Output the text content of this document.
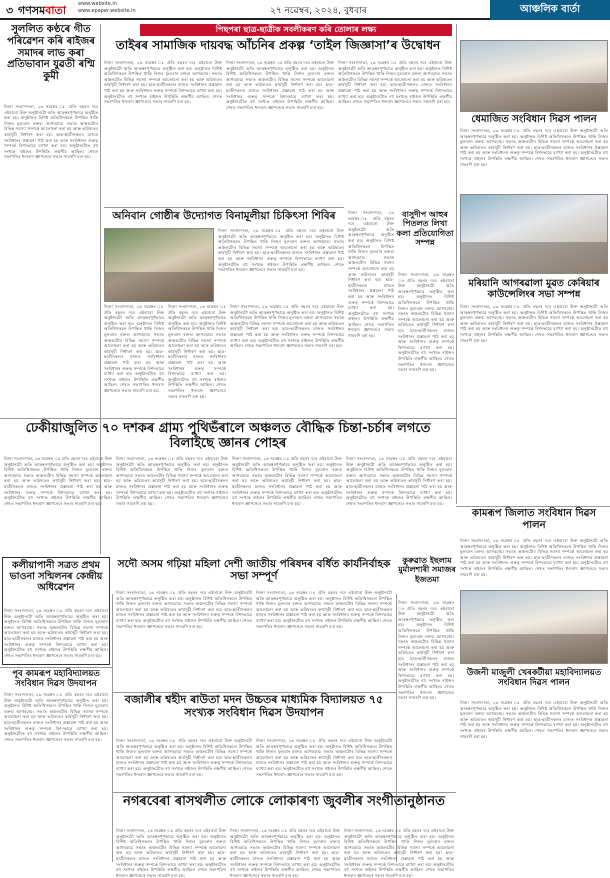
৩ গণসমবাতা www.website.in
www.epaper.website.in	২৭ নৱেম্বৰ, ২০২৪, বুধবাৰ	আঞ্চলিক বাৰ্তা
সুললিত কণ্ঠৰে গীত পৰিৱেশন কৰি ৰাইজৰ সমাদৰ লাভ কৰা প্ৰতিভাবান যুৱতী ৰশ্মি কুমী
নিজা সংবাদদাতা, ২৬ নৱেম্বৰ ঃ প্ৰতি বছৰৰ দৰে এইবাৰো উক্ত অনুষ্ঠানটো অতি আড়ম্বৰপূৰ্ণভাৱে অনুষ্ঠিত কৰা হয়। অনুষ্ঠানত বিশিষ্ট অতিথিসকলে উপস্থিত থাকি নিজৰ মূল্যবান বক্তব্য আগবঢ়ায়। সভাত অঞ্চলটোৰ বিভিন্ন সমস্যা সম্পৰ্কে আলোচনা কৰা হয় আৰু ভৱিষ্যতৰ কাৰ্যসূচী নিৰ্ধাৰণ কৰা হয়। ছাত্ৰ-ছাত্ৰীসকলৰ মাজত সংবিধানৰ প্ৰস্তাৱনা পাঠ কৰা হয় আৰু সংবিধানৰ গুৰুত্ব সম্পৰ্কে বিশদভাৱে ব্যাখ্যা কৰা হয়। অনুষ্ঠানটোত বহু সংখ্যক ৰাইজৰ উপস্থিতি লক্ষণীয় আছিল। শেষত সভাপতিৰ ধন্যবাদ জ্ঞাপনেৰে সভাৰ সামৰণি মৰা হয়।
পিছপৰা ছাত্ৰ-ছাত্ৰীক সবলীকৰণ কৰি তোলাৰ লক্ষ্য
তাইৰৰ সামাজিক দায়বদ্ধ আঁচনিৰ প্ৰকল্প ‘তাইল জিজ্ঞাসা’ৰ উদ্বোধন
নিজা সংবাদদাতা, ২৬ নৱেম্বৰ ঃ প্ৰতি বছৰৰ দৰে এইবাৰো উক্ত অনুষ্ঠানটো অতি আড়ম্বৰপূৰ্ণভাৱে অনুষ্ঠিত কৰা হয়। অনুষ্ঠানত বিশিষ্ট অতিথিসকলে উপস্থিত থাকি নিজৰ মূল্যবান বক্তব্য আগবঢ়ায়। সভাত অঞ্চলটোৰ বিভিন্ন সমস্যা সম্পৰ্কে আলোচনা কৰা হয় আৰু ভৱিষ্যতৰ কাৰ্যসূচী নিৰ্ধাৰণ কৰা হয়। ছাত্ৰ-ছাত্ৰীসকলৰ মাজত সংবিধানৰ প্ৰস্তাৱনা পাঠ কৰা হয় আৰু সংবিধানৰ গুৰুত্ব সম্পৰ্কে বিশদভাৱে ব্যাখ্যা কৰা হয়। অনুষ্ঠানটোত বহু সংখ্যক ৰাইজৰ উপস্থিতি লক্ষণীয় আছিল। শেষত সভাপতিৰ ধন্যবাদ জ্ঞাপনেৰে সভাৰ সামৰণি মৰা হয়।
নিজা সংবাদদাতা, ২৬ নৱেম্বৰ ঃ প্ৰতি বছৰৰ দৰে এইবাৰো উক্ত অনুষ্ঠানটো অতি আড়ম্বৰপূৰ্ণভাৱে অনুষ্ঠিত কৰা হয়। অনুষ্ঠানত বিশিষ্ট অতিথিসকলে উপস্থিত থাকি নিজৰ মূল্যবান বক্তব্য আগবঢ়ায়। সভাত অঞ্চলটোৰ বিভিন্ন সমস্যা সম্পৰ্কে আলোচনা কৰা হয় আৰু ভৱিষ্যতৰ কাৰ্যসূচী নিৰ্ধাৰণ কৰা হয়। ছাত্ৰ-ছাত্ৰীসকলৰ মাজত সংবিধানৰ প্ৰস্তাৱনা পাঠ কৰা হয় আৰু সংবিধানৰ গুৰুত্ব সম্পৰ্কে বিশদভাৱে ব্যাখ্যা কৰা হয়। অনুষ্ঠানটোত বহু সংখ্যক ৰাইজৰ উপস্থিতি লক্ষণীয় আছিল। শেষত সভাপতিৰ ধন্যবাদ জ্ঞাপনেৰে সভাৰ সামৰণি মৰা হয়।
নিজা সংবাদদাতা, ২৬ নৱেম্বৰ ঃ প্ৰতি বছৰৰ দৰে এইবাৰো উক্ত অনুষ্ঠানটো অতি আড়ম্বৰপূৰ্ণভাৱে অনুষ্ঠিত কৰা হয়। অনুষ্ঠানত বিশিষ্ট অতিথিসকলে উপস্থিত থাকি নিজৰ মূল্যবান বক্তব্য আগবঢ়ায়। সভাত অঞ্চলটোৰ বিভিন্ন সমস্যা সম্পৰ্কে আলোচনা কৰা হয় আৰু ভৱিষ্যতৰ কাৰ্যসূচী নিৰ্ধাৰণ কৰা হয়। ছাত্ৰ-ছাত্ৰীসকলৰ মাজত সংবিধানৰ প্ৰস্তাৱনা পাঠ কৰা হয় আৰু সংবিধানৰ গুৰুত্ব সম্পৰ্কে বিশদভাৱে ব্যাখ্যা কৰা হয়। অনুষ্ঠানটোত বহু সংখ্যক ৰাইজৰ উপস্থিতি লক্ষণীয় আছিল। শেষত সভাপতিৰ ধন্যবাদ জ্ঞাপনেৰে সভাৰ সামৰণি মৰা হয়।
অনিবান গোষ্ঠীৰ উদ্যোগত বিনামূলীয়া চিকিৎসা শিবিৰ
নিজা সংবাদদাতা, ২৬ নৱেম্বৰ ঃ প্ৰতি বছৰৰ দৰে এইবাৰো উক্ত অনুষ্ঠানটো অতি আড়ম্বৰপূৰ্ণভাৱে অনুষ্ঠিত কৰা হয়। অনুষ্ঠানত বিশিষ্ট অতিথিসকলে উপস্থিত থাকি নিজৰ মূল্যবান বক্তব্য আগবঢ়ায়। সভাত অঞ্চলটোৰ বিভিন্ন সমস্যা সম্পৰ্কে আলোচনা কৰা হয় আৰু ভৱিষ্যতৰ কাৰ্যসূচী নিৰ্ধাৰণ কৰা হয়। ছাত্ৰ-ছাত্ৰীসকলৰ মাজত সংবিধানৰ প্ৰস্তাৱনা পাঠ কৰা হয় আৰু সংবিধানৰ গুৰুত্ব সম্পৰ্কে বিশদভাৱে ব্যাখ্যা কৰা হয়। অনুষ্ঠানটোত বহু সংখ্যক ৰাইজৰ উপস্থিতি লক্ষণীয় আছিল। শেষত সভাপতিৰ ধন্যবাদ জ্ঞাপনেৰে সভাৰ সামৰণি মৰা হয়।
নিজা সংবাদদাতা, ২৬ নৱেম্বৰ ঃ প্ৰতি বছৰৰ দৰে এইবাৰো উক্ত অনুষ্ঠানটো অতি আড়ম্বৰপূৰ্ণভাৱে অনুষ্ঠিত কৰা হয়। অনুষ্ঠানত বিশিষ্ট অতিথিসকলে উপস্থিত থাকি নিজৰ মূল্যবান বক্তব্য আগবঢ়ায়। সভাত অঞ্চলটোৰ বিভিন্ন সমস্যা সম্পৰ্কে আলোচনা কৰা হয় আৰু ভৱিষ্যতৰ কাৰ্যসূচী নিৰ্ধাৰণ কৰা হয়। ছাত্ৰ-ছাত্ৰীসকলৰ মাজত সংবিধানৰ প্ৰস্তাৱনা পাঠ কৰা হয় আৰু সংবিধানৰ গুৰুত্ব সম্পৰ্কে বিশদভাৱে ব্যাখ্যা কৰা হয়। অনুষ্ঠানটোত বহু সংখ্যক ৰাইজৰ উপস্থিতি লক্ষণীয় আছিল। শেষত সভাপতিৰ ধন্যবাদ জ্ঞাপনেৰে সভাৰ সামৰণি মৰা হয়।
নিজা সংবাদদাতা, ২৬ নৱেম্বৰ ঃ প্ৰতি বছৰৰ দৰে এইবাৰো উক্ত অনুষ্ঠানটো অতি আড়ম্বৰপূৰ্ণভাৱে অনুষ্ঠিত কৰা হয়। অনুষ্ঠানত বিশিষ্ট অতিথিসকলে উপস্থিত থাকি নিজৰ মূল্যবান বক্তব্য আগবঢ়ায়। সভাত অঞ্চলটোৰ বিভিন্ন সমস্যা সম্পৰ্কে আলোচনা কৰা হয় আৰু ভৱিষ্যতৰ কাৰ্যসূচী নিৰ্ধাৰণ কৰা হয়। ছাত্ৰ-ছাত্ৰীসকলৰ মাজত সংবিধানৰ প্ৰস্তাৱনা পাঠ কৰা হয় আৰু সংবিধানৰ গুৰুত্ব সম্পৰ্কে বিশদভাৱে ব্যাখ্যা কৰা হয়। অনুষ্ঠানটোত বহু সংখ্যক ৰাইজৰ উপস্থিতি লক্ষণীয় আছিল। শেষত সভাপতিৰ ধন্যবাদ জ্ঞাপনেৰে সভাৰ সামৰণি মৰা হয়।
নিজা সংবাদদাতা, ২৬ নৱেম্বৰ ঃ প্ৰতি বছৰৰ দৰে এইবাৰো উক্ত অনুষ্ঠানটো অতি আড়ম্বৰপূৰ্ণভাৱে অনুষ্ঠিত কৰা হয়। অনুষ্ঠানত বিশিষ্ট অতিথিসকলে উপস্থিত থাকি নিজৰ মূল্যবান বক্তব্য আগবঢ়ায়। সভাত অঞ্চলটোৰ বিভিন্ন সমস্যা সম্পৰ্কে আলোচনা কৰা হয় আৰু ভৱিষ্যতৰ কাৰ্যসূচী নিৰ্ধাৰণ কৰা হয়। ছাত্ৰ-ছাত্ৰীসকলৰ মাজত সংবিধানৰ প্ৰস্তাৱনা পাঠ কৰা হয় আৰু সংবিধানৰ গুৰুত্ব সম্পৰ্কে বিশদভাৱে ব্যাখ্যা কৰা হয়। অনুষ্ঠানটোত বহু সংখ্যক ৰাইজৰ উপস্থিতি লক্ষণীয় আছিল। শেষত সভাপতিৰ ধন্যবাদ জ্ঞাপনেৰে সভাৰ সামৰণি মৰা হয়।
বাসুদীপ আহুৰ পিতলত লিখা কলা প্ৰতিযোগিতা সম্পন্ন
নিজা সংবাদদাতা, ২৬ নৱেম্বৰ ঃ প্ৰতি বছৰৰ দৰে এইবাৰো উক্ত অনুষ্ঠানটো অতি আড়ম্বৰপূৰ্ণভাৱে অনুষ্ঠিত কৰা হয়। অনুষ্ঠানত বিশিষ্ট অতিথিসকলে উপস্থিত থাকি নিজৰ মূল্যবান বক্তব্য আগবঢ়ায়। সভাত অঞ্চলটোৰ বিভিন্ন সমস্যা সম্পৰ্কে আলোচনা কৰা হয় আৰু ভৱিষ্যতৰ কাৰ্যসূচী নিৰ্ধাৰণ কৰা হয়। ছাত্ৰ-ছাত্ৰীসকলৰ মাজত সংবিধানৰ প্ৰস্তাৱনা পাঠ কৰা হয় আৰু সংবিধানৰ গুৰুত্ব সম্পৰ্কে বিশদভাৱে ব্যাখ্যা কৰা হয়। অনুষ্ঠানটোত বহু সংখ্যক ৰাইজৰ উপস্থিতি লক্ষণীয় আছিল। শেষত সভাপতিৰ ধন্যবাদ জ্ঞাপনেৰে সভাৰ সামৰণি মৰা হয়।
নিজা সংবাদদাতা, ২৬ নৱেম্বৰ ঃ প্ৰতি বছৰৰ দৰে এইবাৰো উক্ত অনুষ্ঠানটো অতি আড়ম্বৰপূৰ্ণভাৱে অনুষ্ঠিত কৰা হয়। অনুষ্ঠানত বিশিষ্ট অতিথিসকলে উপস্থিত থাকি নিজৰ মূল্যবান বক্তব্য আগবঢ়ায়। সভাত অঞ্চলটোৰ বিভিন্ন সমস্যা সম্পৰ্কে আলোচনা কৰা হয় আৰু ভৱিষ্যতৰ কাৰ্যসূচী নিৰ্ধাৰণ কৰা হয়। ছাত্ৰ-ছাত্ৰীসকলৰ মাজত সংবিধানৰ প্ৰস্তাৱনা পাঠ কৰা হয় আৰু সংবিধানৰ গুৰুত্ব সম্পৰ্কে বিশদভাৱে ব্যাখ্যা কৰা হয়। অনুষ্ঠানটোত বহু সংখ্যক ৰাইজৰ উপস্থিতি লক্ষণীয় আছিল। শেষত সভাপতিৰ ধন্যবাদ জ্ঞাপনেৰে সভাৰ সামৰণি মৰা হয়।
ধেমাজিত সংবিধান দিৱস পালন
নিজা সংবাদদাতা, ২৬ নৱেম্বৰ ঃ প্ৰতি বছৰৰ দৰে এইবাৰো উক্ত অনুষ্ঠানটো অতি আড়ম্বৰপূৰ্ণভাৱে অনুষ্ঠিত কৰা হয়। অনুষ্ঠানত বিশিষ্ট অতিথিসকলে উপস্থিত থাকি নিজৰ মূল্যবান বক্তব্য আগবঢ়ায়। সভাত অঞ্চলটোৰ বিভিন্ন সমস্যা সম্পৰ্কে আলোচনা কৰা হয় আৰু ভৱিষ্যতৰ কাৰ্যসূচী নিৰ্ধাৰণ কৰা হয়। ছাত্ৰ-ছাত্ৰীসকলৰ মাজত সংবিধানৰ প্ৰস্তাৱনা পাঠ কৰা হয় আৰু সংবিধানৰ গুৰুত্ব সম্পৰ্কে বিশদভাৱে ব্যাখ্যা কৰা হয়। অনুষ্ঠানটোত বহু সংখ্যক ৰাইজৰ উপস্থিতি লক্ষণীয় আছিল। শেষত সভাপতিৰ ধন্যবাদ জ্ঞাপনেৰে সভাৰ সামৰণি মৰা হয়।
মৰিয়ানি আগৰৱালা মুৱত কেৰিয়াৰ কাউন্সেলিংৰ সভা সম্পন্ন
নিজা সংবাদদাতা, ২৬ নৱেম্বৰ ঃ প্ৰতি বছৰৰ দৰে এইবাৰো উক্ত অনুষ্ঠানটো অতি আড়ম্বৰপূৰ্ণভাৱে অনুষ্ঠিত কৰা হয়। অনুষ্ঠানত বিশিষ্ট অতিথিসকলে উপস্থিত থাকি নিজৰ মূল্যবান বক্তব্য আগবঢ়ায়। সভাত অঞ্চলটোৰ বিভিন্ন সমস্যা সম্পৰ্কে আলোচনা কৰা হয় আৰু ভৱিষ্যতৰ কাৰ্যসূচী নিৰ্ধাৰণ কৰা হয়। ছাত্ৰ-ছাত্ৰীসকলৰ মাজত সংবিধানৰ প্ৰস্তাৱনা পাঠ কৰা হয় আৰু সংবিধানৰ গুৰুত্ব সম্পৰ্কে বিশদভাৱে ব্যাখ্যা কৰা হয়। অনুষ্ঠানটোত বহু সংখ্যক ৰাইজৰ উপস্থিতি লক্ষণীয় আছিল। শেষত সভাপতিৰ ধন্যবাদ জ্ঞাপনেৰে সভাৰ সামৰণি মৰা হয়।
ঢেকীয়াজুলিত ৭০ দশকৰ গ্ৰাম্য পুথিভঁৰালে অঞ্চলত বৌদ্ধিক চিন্তা-চৰ্চাৰ লগতে বিলাইছে জ্ঞানৰ পোহৰ
নিজা সংবাদদাতা, ২৬ নৱেম্বৰ ঃ প্ৰতি বছৰৰ দৰে এইবাৰো উক্ত অনুষ্ঠানটো অতি আড়ম্বৰপূৰ্ণভাৱে অনুষ্ঠিত কৰা হয়। অনুষ্ঠানত বিশিষ্ট অতিথিসকলে উপস্থিত থাকি নিজৰ মূল্যবান বক্তব্য আগবঢ়ায়। সভাত অঞ্চলটোৰ বিভিন্ন সমস্যা সম্পৰ্কে আলোচনা কৰা হয় আৰু ভৱিষ্যতৰ কাৰ্যসূচী নিৰ্ধাৰণ কৰা হয়। ছাত্ৰ-ছাত্ৰীসকলৰ মাজত সংবিধানৰ প্ৰস্তাৱনা পাঠ কৰা হয় আৰু সংবিধানৰ গুৰুত্ব সম্পৰ্কে বিশদভাৱে ব্যাখ্যা কৰা হয়। অনুষ্ঠানটোত বহু সংখ্যক ৰাইজৰ উপস্থিতি লক্ষণীয় আছিল। শেষত সভাপতিৰ ধন্যবাদ জ্ঞাপনেৰে সভাৰ সামৰণি মৰা হয়।
নিজা সংবাদদাতা, ২৬ নৱেম্বৰ ঃ প্ৰতি বছৰৰ দৰে এইবাৰো উক্ত অনুষ্ঠানটো অতি আড়ম্বৰপূৰ্ণভাৱে অনুষ্ঠিত কৰা হয়। অনুষ্ঠানত বিশিষ্ট অতিথিসকলে উপস্থিত থাকি নিজৰ মূল্যবান বক্তব্য আগবঢ়ায়। সভাত অঞ্চলটোৰ বিভিন্ন সমস্যা সম্পৰ্কে আলোচনা কৰা হয় আৰু ভৱিষ্যতৰ কাৰ্যসূচী নিৰ্ধাৰণ কৰা হয়। ছাত্ৰ-ছাত্ৰীসকলৰ মাজত সংবিধানৰ প্ৰস্তাৱনা পাঠ কৰা হয় আৰু সংবিধানৰ গুৰুত্ব সম্পৰ্কে বিশদভাৱে ব্যাখ্যা কৰা হয়। অনুষ্ঠানটোত বহু সংখ্যক ৰাইজৰ উপস্থিতি লক্ষণীয় আছিল। শেষত সভাপতিৰ ধন্যবাদ জ্ঞাপনেৰে সভাৰ সামৰণি মৰা হয়।
নিজা সংবাদদাতা, ২৬ নৱেম্বৰ ঃ প্ৰতি বছৰৰ দৰে এইবাৰো উক্ত অনুষ্ঠানটো অতি আড়ম্বৰপূৰ্ণভাৱে অনুষ্ঠিত কৰা হয়। অনুষ্ঠানত বিশিষ্ট অতিথিসকলে উপস্থিত থাকি নিজৰ মূল্যবান বক্তব্য আগবঢ়ায়। সভাত অঞ্চলটোৰ বিভিন্ন সমস্যা সম্পৰ্কে আলোচনা কৰা হয় আৰু ভৱিষ্যতৰ কাৰ্যসূচী নিৰ্ধাৰণ কৰা হয়। ছাত্ৰ-ছাত্ৰীসকলৰ মাজত সংবিধানৰ প্ৰস্তাৱনা পাঠ কৰা হয় আৰু সংবিধানৰ গুৰুত্ব সম্পৰ্কে বিশদভাৱে ব্যাখ্যা কৰা হয়। অনুষ্ঠানটোত বহু সংখ্যক ৰাইজৰ উপস্থিতি লক্ষণীয় আছিল। শেষত সভাপতিৰ ধন্যবাদ জ্ঞাপনেৰে সভাৰ সামৰণি মৰা হয়।
নিজা সংবাদদাতা, ২৬ নৱেম্বৰ ঃ প্ৰতি বছৰৰ দৰে এইবাৰো উক্ত অনুষ্ঠানটো অতি আড়ম্বৰপূৰ্ণভাৱে অনুষ্ঠিত কৰা হয়। অনুষ্ঠানত বিশিষ্ট অতিথিসকলে উপস্থিত থাকি নিজৰ মূল্যবান বক্তব্য আগবঢ়ায়। সভাত অঞ্চলটোৰ বিভিন্ন সমস্যা সম্পৰ্কে আলোচনা কৰা হয় আৰু ভৱিষ্যতৰ কাৰ্যসূচী নিৰ্ধাৰণ কৰা হয়। ছাত্ৰ-ছাত্ৰীসকলৰ মাজত সংবিধানৰ প্ৰস্তাৱনা পাঠ কৰা হয় আৰু সংবিধানৰ গুৰুত্ব সম্পৰ্কে বিশদভাৱে ব্যাখ্যা কৰা হয়। অনুষ্ঠানটোত বহু সংখ্যক ৰাইজৰ উপস্থিতি লক্ষণীয় আছিল। শেষত সভাপতিৰ ধন্যবাদ জ্ঞাপনেৰে সভাৰ সামৰণি মৰা হয়।
কলীয়াপানী সত্ৰত প্ৰথম ভাওনা সন্মিলনৰ কেন্দ্ৰীয় অধিৱেশন
নিজা সংবাদদাতা, ২৬ নৱেম্বৰ ঃ প্ৰতি বছৰৰ দৰে এইবাৰো উক্ত অনুষ্ঠানটো অতি আড়ম্বৰপূৰ্ণভাৱে অনুষ্ঠিত কৰা হয়। অনুষ্ঠানত বিশিষ্ট অতিথিসকলে উপস্থিত থাকি নিজৰ মূল্যবান বক্তব্য আগবঢ়ায়। সভাত অঞ্চলটোৰ বিভিন্ন সমস্যা সম্পৰ্কে আলোচনা কৰা হয় আৰু ভৱিষ্যতৰ কাৰ্যসূচী নিৰ্ধাৰণ কৰা হয়। ছাত্ৰ-ছাত্ৰীসকলৰ মাজত সংবিধানৰ প্ৰস্তাৱনা পাঠ কৰা হয় আৰু সংবিধানৰ গুৰুত্ব সম্পৰ্কে বিশদভাৱে ব্যাখ্যা কৰা হয়। অনুষ্ঠানটোত বহু সংখ্যক ৰাইজৰ উপস্থিতি লক্ষণীয় আছিল। শেষত সভাপতিৰ ধন্যবাদ জ্ঞাপনেৰে সভাৰ সামৰণি মৰা হয়।
সদৌ অসম গঢ়িয়া মহিলা দেশী জাতীয় পৰিষদৰ বৰ্ধিত কাৰ্যনিৰ্বাহক সভা সম্পূৰ্ণ
নিজা সংবাদদাতা, ২৬ নৱেম্বৰ ঃ প্ৰতি বছৰৰ দৰে এইবাৰো উক্ত অনুষ্ঠানটো অতি আড়ম্বৰপূৰ্ণভাৱে অনুষ্ঠিত কৰা হয়। অনুষ্ঠানত বিশিষ্ট অতিথিসকলে উপস্থিত থাকি নিজৰ মূল্যবান বক্তব্য আগবঢ়ায়। সভাত অঞ্চলটোৰ বিভিন্ন সমস্যা সম্পৰ্কে আলোচনা কৰা হয় আৰু ভৱিষ্যতৰ কাৰ্যসূচী নিৰ্ধাৰণ কৰা হয়। ছাত্ৰ-ছাত্ৰীসকলৰ মাজত সংবিধানৰ প্ৰস্তাৱনা পাঠ কৰা হয় আৰু সংবিধানৰ গুৰুত্ব সম্পৰ্কে বিশদভাৱে ব্যাখ্যা কৰা হয়। অনুষ্ঠানটোত বহু সংখ্যক ৰাইজৰ উপস্থিতি লক্ষণীয় আছিল। শেষত সভাপতিৰ ধন্যবাদ জ্ঞাপনেৰে সভাৰ সামৰণি মৰা হয়।
নিজা সংবাদদাতা, ২৬ নৱেম্বৰ ঃ প্ৰতি বছৰৰ দৰে এইবাৰো উক্ত অনুষ্ঠানটো অতি আড়ম্বৰপূৰ্ণভাৱে অনুষ্ঠিত কৰা হয়। অনুষ্ঠানত বিশিষ্ট অতিথিসকলে উপস্থিত থাকি নিজৰ মূল্যবান বক্তব্য আগবঢ়ায়। সভাত অঞ্চলটোৰ বিভিন্ন সমস্যা সম্পৰ্কে আলোচনা কৰা হয় আৰু ভৱিষ্যতৰ কাৰ্যসূচী নিৰ্ধাৰণ কৰা হয়। ছাত্ৰ-ছাত্ৰীসকলৰ মাজত সংবিধানৰ প্ৰস্তাৱনা পাঠ কৰা হয় আৰু সংবিধানৰ গুৰুত্ব সম্পৰ্কে বিশদভাৱে ব্যাখ্যা কৰা হয়। অনুষ্ঠানটোত বহু সংখ্যক ৰাইজৰ উপস্থিতি লক্ষণীয় আছিল। শেষত সভাপতিৰ ধন্যবাদ জ্ঞাপনেৰে সভাৰ সামৰণি মৰা হয়।
কুৰুৱাত ইছলাম মুৰ্মালশাৰী সমাজৰ ইজতমা
নিজা সংবাদদাতা, ২৬ নৱেম্বৰ ঃ প্ৰতি বছৰৰ দৰে এইবাৰো উক্ত অনুষ্ঠানটো অতি আড়ম্বৰপূৰ্ণভাৱে অনুষ্ঠিত কৰা হয়। অনুষ্ঠানত বিশিষ্ট অতিথিসকলে উপস্থিত থাকি নিজৰ মূল্যবান বক্তব্য আগবঢ়ায়। সভাত অঞ্চলটোৰ বিভিন্ন সমস্যা সম্পৰ্কে আলোচনা কৰা হয় আৰু ভৱিষ্যতৰ কাৰ্যসূচী নিৰ্ধাৰণ কৰা হয়। ছাত্ৰ-ছাত্ৰীসকলৰ মাজত সংবিধানৰ প্ৰস্তাৱনা পাঠ কৰা হয় আৰু সংবিধানৰ গুৰুত্ব সম্পৰ্কে বিশদভাৱে ব্যাখ্যা কৰা হয়। অনুষ্ঠানটোত বহু সংখ্যক ৰাইজৰ উপস্থিতি লক্ষণীয় আছিল। শেষত সভাপতিৰ ধন্যবাদ জ্ঞাপনেৰে সভাৰ সামৰণি মৰা হয়।
কামৰূপ জিলাত সংবিধান দিৱস পালন
নিজা সংবাদদাতা, ২৬ নৱেম্বৰ ঃ প্ৰতি বছৰৰ দৰে এইবাৰো উক্ত অনুষ্ঠানটো অতি আড়ম্বৰপূৰ্ণভাৱে অনুষ্ঠিত কৰা হয়। অনুষ্ঠানত বিশিষ্ট অতিথিসকলে উপস্থিত থাকি নিজৰ মূল্যবান বক্তব্য আগবঢ়ায়। সভাত অঞ্চলটোৰ বিভিন্ন সমস্যা সম্পৰ্কে আলোচনা কৰা হয় আৰু ভৱিষ্যতৰ কাৰ্যসূচী নিৰ্ধাৰণ কৰা হয়। ছাত্ৰ-ছাত্ৰীসকলৰ মাজত সংবিধানৰ প্ৰস্তাৱনা পাঠ কৰা হয় আৰু সংবিধানৰ গুৰুত্ব সম্পৰ্কে বিশদভাৱে ব্যাখ্যা কৰা হয়। অনুষ্ঠানটোত বহু সংখ্যক ৰাইজৰ উপস্থিতি লক্ষণীয় আছিল। শেষত সভাপতিৰ ধন্যবাদ জ্ঞাপনেৰে সভাৰ সামৰণি মৰা হয়।
বজালীৰ শ্বহীদ ৰাউতা মদন উচ্চতৰ মাধ্যমিক বিদ্যালয়ত ৭৫ সংখ্যক সংবিধান দিৱস উদযাপন
নিজা সংবাদদাতা, ২৬ নৱেম্বৰ ঃ প্ৰতি বছৰৰ দৰে এইবাৰো উক্ত অনুষ্ঠানটো অতি আড়ম্বৰপূৰ্ণভাৱে অনুষ্ঠিত কৰা হয়। অনুষ্ঠানত বিশিষ্ট অতিথিসকলে উপস্থিত থাকি নিজৰ মূল্যবান বক্তব্য আগবঢ়ায়। সভাত অঞ্চলটোৰ বিভিন্ন সমস্যা সম্পৰ্কে আলোচনা কৰা হয় আৰু ভৱিষ্যতৰ কাৰ্যসূচী নিৰ্ধাৰণ কৰা হয়। ছাত্ৰ-ছাত্ৰীসকলৰ মাজত সংবিধানৰ প্ৰস্তাৱনা পাঠ কৰা হয় আৰু সংবিধানৰ গুৰুত্ব সম্পৰ্কে বিশদভাৱে ব্যাখ্যা কৰা হয়। অনুষ্ঠানটোত বহু সংখ্যক ৰাইজৰ উপস্থিতি লক্ষণীয় আছিল। শেষত সভাপতিৰ ধন্যবাদ জ্ঞাপনেৰে সভাৰ সামৰণি মৰা হয়।
নিজা সংবাদদাতা, ২৬ নৱেম্বৰ ঃ প্ৰতি বছৰৰ দৰে এইবাৰো উক্ত অনুষ্ঠানটো অতি আড়ম্বৰপূৰ্ণভাৱে অনুষ্ঠিত কৰা হয়। অনুষ্ঠানত বিশিষ্ট অতিথিসকলে উপস্থিত থাকি নিজৰ মূল্যবান বক্তব্য আগবঢ়ায়। সভাত অঞ্চলটোৰ বিভিন্ন সমস্যা সম্পৰ্কে আলোচনা কৰা হয় আৰু ভৱিষ্যতৰ কাৰ্যসূচী নিৰ্ধাৰণ কৰা হয়। ছাত্ৰ-ছাত্ৰীসকলৰ মাজত সংবিধানৰ প্ৰস্তাৱনা পাঠ কৰা হয় আৰু সংবিধানৰ গুৰুত্ব সম্পৰ্কে বিশদভাৱে ব্যাখ্যা কৰা হয়। অনুষ্ঠানটোত বহু সংখ্যক ৰাইজৰ উপস্থিতি লক্ষণীয় আছিল। শেষত সভাপতিৰ ধন্যবাদ জ্ঞাপনেৰে সভাৰ সামৰণি মৰা হয়।
পূব কামৰূপ মহাবিদ্যালয়ত সংবিধান দিৱস উদযাপন
নিজা সংবাদদাতা, ২৬ নৱেম্বৰ ঃ প্ৰতি বছৰৰ দৰে এইবাৰো উক্ত অনুষ্ঠানটো অতি আড়ম্বৰপূৰ্ণভাৱে অনুষ্ঠিত কৰা হয়। অনুষ্ঠানত বিশিষ্ট অতিথিসকলে উপস্থিত থাকি নিজৰ মূল্যবান বক্তব্য আগবঢ়ায়। সভাত অঞ্চলটোৰ বিভিন্ন সমস্যা সম্পৰ্কে আলোচনা কৰা হয় আৰু ভৱিষ্যতৰ কাৰ্যসূচী নিৰ্ধাৰণ কৰা হয়। ছাত্ৰ-ছাত্ৰীসকলৰ মাজত সংবিধানৰ প্ৰস্তাৱনা পাঠ কৰা হয় আৰু সংবিধানৰ গুৰুত্ব সম্পৰ্কে বিশদভাৱে ব্যাখ্যা কৰা হয়। অনুষ্ঠানটোত বহু সংখ্যক ৰাইজৰ উপস্থিতি লক্ষণীয় আছিল। শেষত সভাপতিৰ ধন্যবাদ জ্ঞাপনেৰে সভাৰ সামৰণি মৰা হয়।
উজনী মাজুলী খেৰকটীয়া মহাবিদ্যালয়ত সংবিধান দিৱস পালন
নিজা সংবাদদাতা, ২৬ নৱেম্বৰ ঃ প্ৰতি বছৰৰ দৰে এইবাৰো উক্ত অনুষ্ঠানটো অতি আড়ম্বৰপূৰ্ণভাৱে অনুষ্ঠিত কৰা হয়। অনুষ্ঠানত বিশিষ্ট অতিথিসকলে উপস্থিত থাকি নিজৰ মূল্যবান বক্তব্য আগবঢ়ায়। সভাত অঞ্চলটোৰ বিভিন্ন সমস্যা সম্পৰ্কে আলোচনা কৰা হয় আৰু ভৱিষ্যতৰ কাৰ্যসূচী নিৰ্ধাৰণ কৰা হয়। ছাত্ৰ-ছাত্ৰীসকলৰ মাজত সংবিধানৰ প্ৰস্তাৱনা পাঠ কৰা হয় আৰু সংবিধানৰ গুৰুত্ব সম্পৰ্কে বিশদভাৱে ব্যাখ্যা কৰা হয়। অনুষ্ঠানটোত বহু সংখ্যক ৰাইজৰ উপস্থিতি লক্ষণীয় আছিল। শেষত সভাপতিৰ ধন্যবাদ জ্ঞাপনেৰে সভাৰ সামৰণি মৰা হয়।
নগৰবেৰা ৰাসথলীত লোকে লোকাৰণ্য জুবলীৰ সংগীতানুষ্ঠানত
নিজা সংবাদদাতা, ২৬ নৱেম্বৰ ঃ প্ৰতি বছৰৰ দৰে এইবাৰো উক্ত অনুষ্ঠানটো অতি আড়ম্বৰপূৰ্ণভাৱে অনুষ্ঠিত কৰা হয়। অনুষ্ঠানত বিশিষ্ট অতিথিসকলে উপস্থিত থাকি নিজৰ মূল্যবান বক্তব্য আগবঢ়ায়। সভাত অঞ্চলটোৰ বিভিন্ন সমস্যা সম্পৰ্কে আলোচনা কৰা হয় আৰু ভৱিষ্যতৰ কাৰ্যসূচী নিৰ্ধাৰণ কৰা হয়। ছাত্ৰ-ছাত্ৰীসকলৰ মাজত সংবিধানৰ প্ৰস্তাৱনা পাঠ কৰা হয় আৰু সংবিধানৰ গুৰুত্ব সম্পৰ্কে বিশদভাৱে ব্যাখ্যা কৰা হয়। অনুষ্ঠানটোত বহু সংখ্যক ৰাইজৰ উপস্থিতি লক্ষণীয় আছিল। শেষত সভাপতিৰ ধন্যবাদ জ্ঞাপনেৰে সভাৰ সামৰণি মৰা হয়।
নিজা সংবাদদাতা, ২৬ নৱেম্বৰ ঃ প্ৰতি বছৰৰ দৰে এইবাৰো উক্ত অনুষ্ঠানটো অতি আড়ম্বৰপূৰ্ণভাৱে অনুষ্ঠিত কৰা হয়। অনুষ্ঠানত বিশিষ্ট অতিথিসকলে উপস্থিত থাকি নিজৰ মূল্যবান বক্তব্য আগবঢ়ায়। সভাত অঞ্চলটোৰ বিভিন্ন সমস্যা সম্পৰ্কে আলোচনা কৰা হয় আৰু ভৱিষ্যতৰ কাৰ্যসূচী নিৰ্ধাৰণ কৰা হয়। ছাত্ৰ-ছাত্ৰীসকলৰ মাজত সংবিধানৰ প্ৰস্তাৱনা পাঠ কৰা হয় আৰু সংবিধানৰ গুৰুত্ব সম্পৰ্কে বিশদভাৱে ব্যাখ্যা কৰা হয়। অনুষ্ঠানটোত বহু সংখ্যক ৰাইজৰ উপস্থিতি লক্ষণীয় আছিল। শেষত সভাপতিৰ ধন্যবাদ জ্ঞাপনেৰে সভাৰ সামৰণি মৰা হয়।
নিজা সংবাদদাতা, ২৬ নৱেম্বৰ ঃ প্ৰতি বছৰৰ দৰে এইবাৰো উক্ত অনুষ্ঠানটো অতি আড়ম্বৰপূৰ্ণভাৱে অনুষ্ঠিত কৰা হয়। অনুষ্ঠানত বিশিষ্ট অতিথিসকলে উপস্থিত থাকি নিজৰ মূল্যবান বক্তব্য আগবঢ়ায়। সভাত অঞ্চলটোৰ বিভিন্ন সমস্যা সম্পৰ্কে আলোচনা কৰা হয় আৰু ভৱিষ্যতৰ কাৰ্যসূচী নিৰ্ধাৰণ কৰা হয়। ছাত্ৰ-ছাত্ৰীসকলৰ মাজত সংবিধানৰ প্ৰস্তাৱনা পাঠ কৰা হয় আৰু সংবিধানৰ গুৰুত্ব সম্পৰ্কে বিশদভাৱে ব্যাখ্যা কৰা হয়। অনুষ্ঠানটোত বহু সংখ্যক ৰাইজৰ উপস্থিতি লক্ষণীয় আছিল। শেষত সভাপতিৰ ধন্যবাদ জ্ঞাপনেৰে সভাৰ সামৰণি মৰা হয়।
